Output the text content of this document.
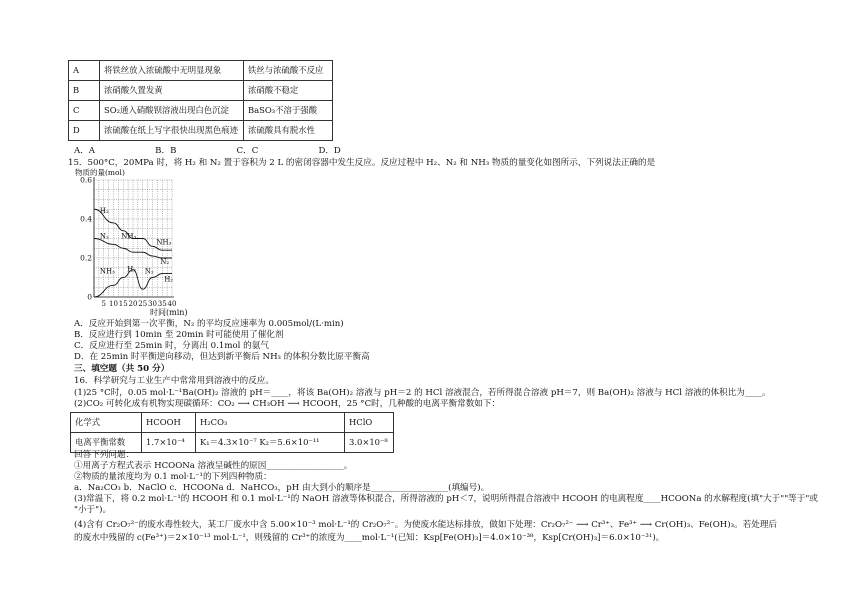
A	将铁丝放入浓硫酸中无明显现象	铁丝与浓硫酸不反应
B	浓硝酸久置发黄	浓硝酸不稳定
C	SO₂通入硝酸钡溶液出现白色沉淀	BaSO₃不溶于强酸
D	浓硫酸在纸上写字很快出现黑色痕迹	浓硫酸具有脱水性
A．A　　　　　　　B．B　　　　　　　C．C　　　　　　　D．D
15．500°C，20MPa 时，将 H₂ 和 N₂ 置于容积为 2 L 的密闭容器中发生反应。反应过程中 H₂、N₂ 和 NH₃ 物质的量变化如图所示，下列说法正确的是
物质的量(mol)
0
0.2
0.4
0.6
5 10 15 20 25 30 35 40
H₂
N₂ NH₃
NH₃
N₂
NH₃ H₂ N₂
H₂
时间(min)
A．反应开始到第一次平衡，N₂ 的平均反应速率为 0.005mol/(L·min)
B．反应进行到 10min 至 20min 时可能使用了催化剂
C．反应进行至 25min 时，分离出 0.1mol 的氨气
D．在 25min 时平衡逆向移动，但达到新平衡后 NH₃ 的体积分数比原平衡高
三、填空题（共 50 分）
16．科学研究与工业生产中常常用到溶液中的反应。
(1)25 °C时，0.05 mol·L⁻¹Ba(OH)₂ 溶液的 pH＝____，将该 Ba(OH)₂ 溶液与 pH＝2 的 HCl 溶液混合，若所得混合溶液 pH＝7，则 Ba(OH)₂ 溶液与 HCl 溶液的体积比为____。
(2)CO₂ 可转化成有机物实现碳循环：CO₂ ⟶ CH₃OH ⟶ HCOOH，25 °C时，几种酸的电离平衡常数如下：
化学式	HCOOH	H₂CO₃	HClO
电离平衡常数	1.7×10⁻⁴	K₁＝4.3×10⁻⁷ K₂＝5.6×10⁻¹¹	3.0×10⁻⁸
回答下列问题：
①用离子方程式表示 HCOONa 溶液呈碱性的原因__________________。
②物质的量浓度均为 0.1 mol·L⁻¹的下列四种物质：
a．Na₂CO₃ b．NaClO c．HCOONa d．NaHCO₃，pH 由大到小的顺序是__________________(填编号)。
(3)常温下，将 0.2 mol·L⁻¹的 HCOOH 和 0.1 mol·L⁻¹的 NaOH 溶液等体积混合，所得溶液的 pH＜7，说明所得混合溶液中 HCOOH 的电离程度____HCOONa 的水解程度(填"大于""等于"或
"小于")。
(4)含有 Cr₂O₇²⁻的废水毒性较大，某工厂废水中含 5.00×10⁻³ mol·L⁻¹的 Cr₂O₇²⁻。为使废水能达标排放，做如下处理：Cr₂O₇²⁻ ⟶ Cr³⁺、Fe³⁺ ⟶ Cr(OH)₃、Fe(OH)₃。若处理后
的废水中残留的 c(Fe³⁺)＝2×10⁻¹³ mol·L⁻¹，则残留的 Cr³⁺的浓度为____mol·L⁻¹(已知：Ksp[Fe(OH)₃]＝4.0×10⁻³⁸，Ksp[Cr(OH)₃]＝6.0×10⁻³¹)。
